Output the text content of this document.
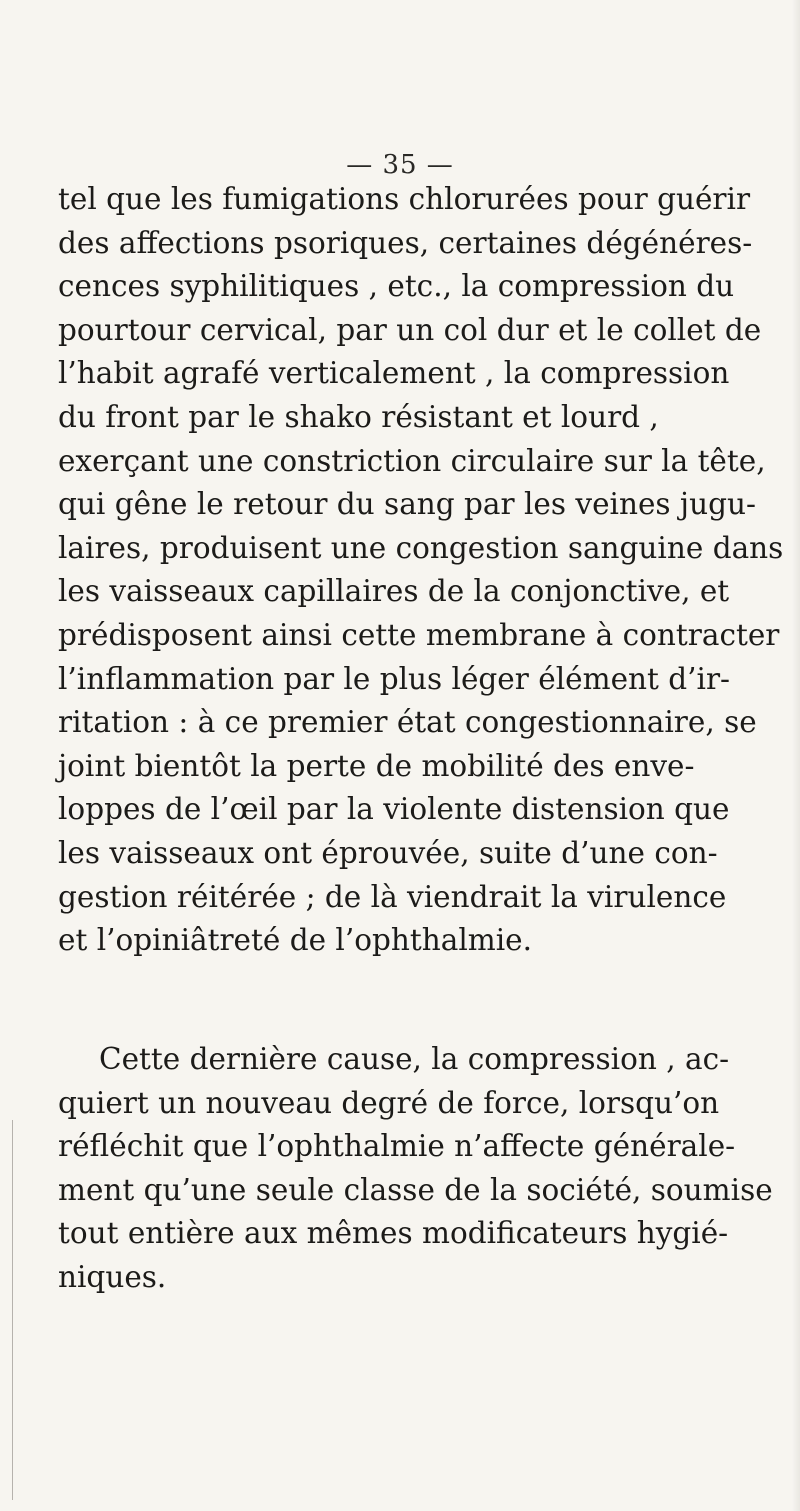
— 35 —
tel que les fumigations chlorurées pour guérir
des affections psoriques, certaines dégénéres-
cences syphilitiques , etc., la compression du
pourtour cervical, par un col dur et le collet de
l’habit agrafé verticalement , la compression
du front par le shako résistant et lourd ,
exerçant une constriction circulaire sur la tête,
qui gêne le retour du sang par les veines jugu-
laires, produisent une congestion sanguine dans
les vaisseaux capillaires de la conjonctive, et
prédisposent ainsi cette membrane à contracter
l’inflammation par le plus léger élément d’ir-
ritation : à ce premier état congestionnaire, se
joint bientôt la perte de mobilité des enve-
loppes de l’œil par la violente distension que
les vaisseaux ont éprouvée, suite d’une con-
gestion réitérée ; de là viendrait la virulence
et l’opiniâtreté de l’ophthalmie.
Cette dernière cause, la compression , ac-
quiert un nouveau degré de force, lorsqu’on
réfléchit que l’ophthalmie n’affecte générale-
ment qu’une seule classe de la société, soumise
tout entière aux mêmes modificateurs hygié-
niques.
